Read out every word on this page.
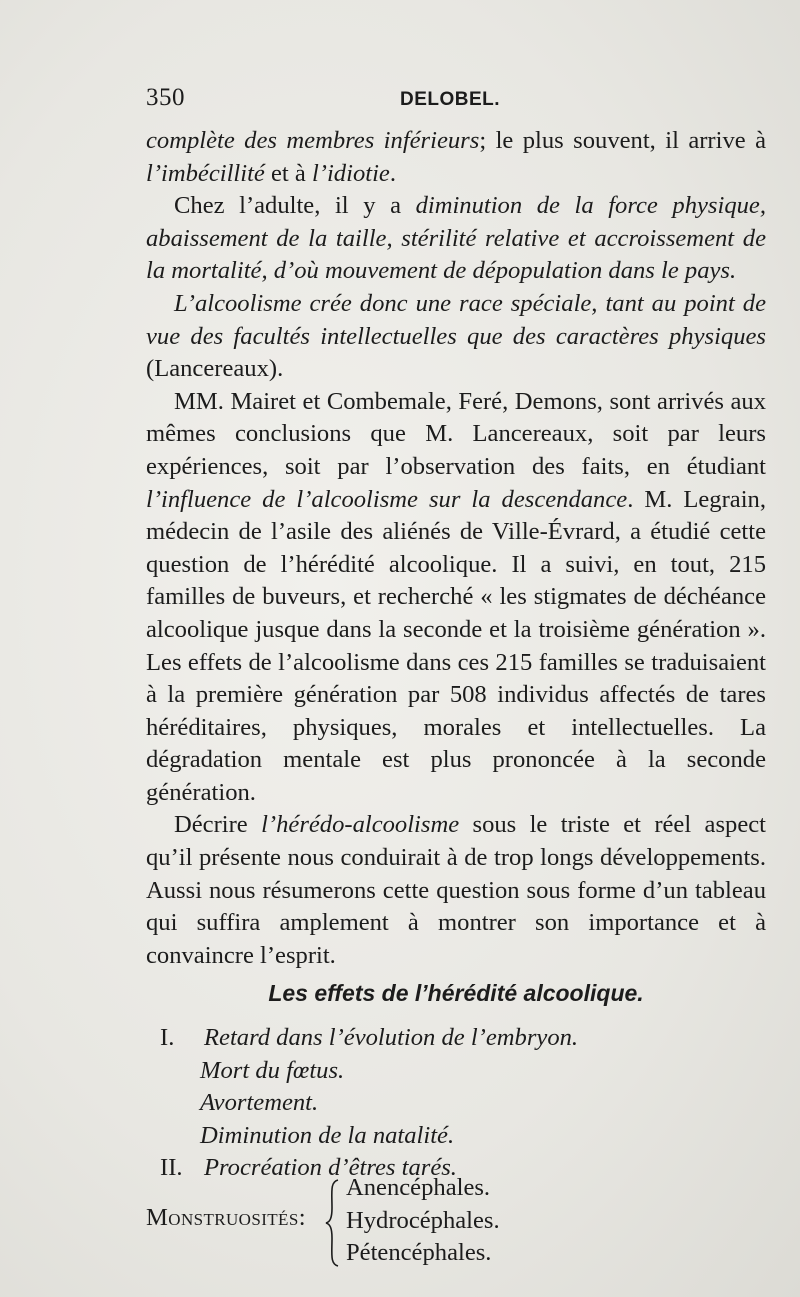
350	DELOBEL.

complète des membres inférieurs; le plus souvent, il arrive à l’imbécillité et à l’idiotie.

Chez l’adulte, il y a diminution de la force physique, abaissement de la taille, stérilité relative et accroissement de la mortalité, d’où mouvement de dépopulation dans le pays.

L’alcoolisme crée donc une race spéciale, tant au point de vue des facultés intellectuelles que des caractères physiques (Lancereaux).

MM. Mairet et Combemale, Feré, Demons, sont arrivés aux mêmes conclusions que M. Lancereaux, soit par leurs expériences, soit par l’observation des faits, en étudiant l’influence de l’alcoolisme sur la descendance. M. Legrain, médecin de l’asile des aliénés de Ville-Évrard, a étudié cette question de l’hérédité alcoolique. Il a suivi, en tout, 215 familles de buveurs, et recherché « les stigmates de déchéance alcoolique jusque dans la seconde et la troisième génération ». Les effets de l’alcoolisme dans ces 215 familles se traduisaient à la première génération par 508 individus affectés de tares héréditaires, physiques, morales et intellectuelles. La dégradation mentale est plus prononcée à la seconde génération.

Décrire l’hérédo-alcoolisme sous le triste et réel aspect qu’il présente nous conduirait à de trop longs développements. Aussi nous résumerons cette question sous forme d’un tableau qui suffira amplement à montrer son importance et à convaincre l’esprit.

Les effets de l’hérédité alcoolique.
I. Retard dans l’évolution de l’embryon.
Mort du fœtus.
Avortement.
Diminution de la natalité.
II. Procréation d’êtres tarés.
Monstruosités:
Anencéphales.
Hydrocéphales.
Pétencéphales.
